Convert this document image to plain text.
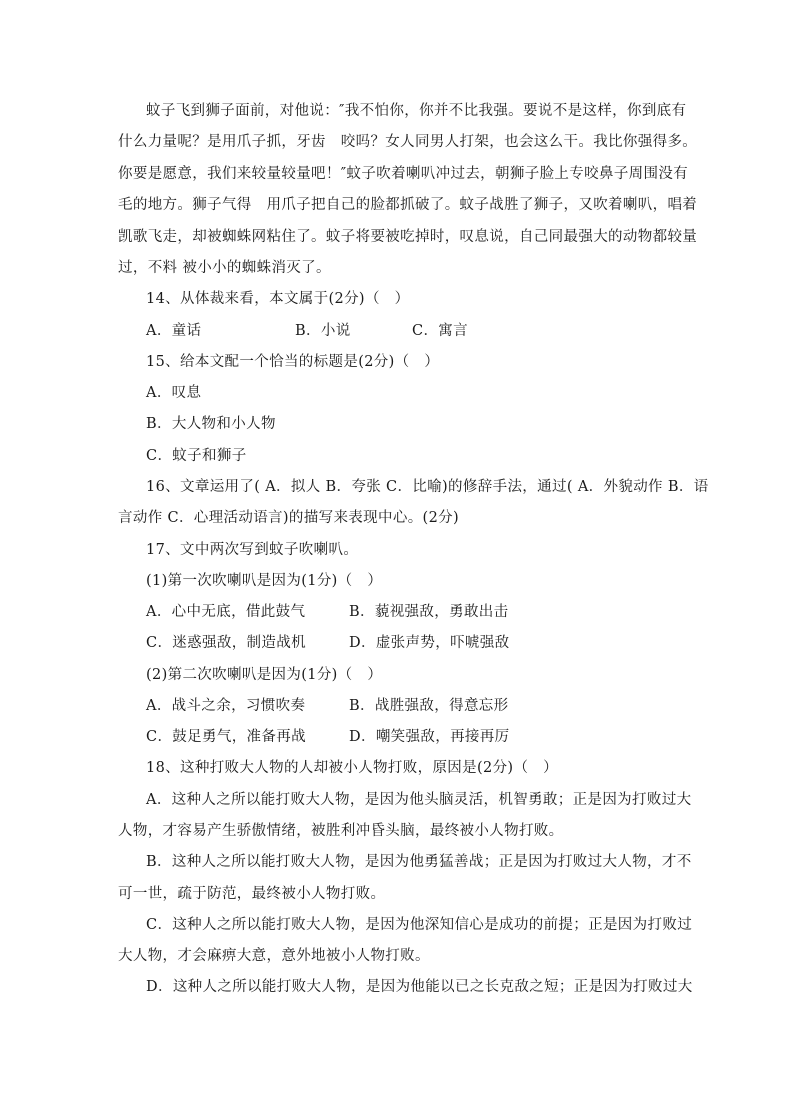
蚊子飞到狮子面前，对他说：″我不怕你，你并不比我强。要说不是这样，你到底有
什么力量呢？是用爪子抓，牙齿　咬吗？女人同男人打架，也会这么干。我比你强得多。
你要是愿意，我们来较量较量吧！″蚊子吹着喇叭冲过去，朝狮子脸上专咬鼻子周围没有
毛的地方。狮子气得　用爪子把自己的脸都抓破了。蚊子战胜了狮子，又吹着喇叭，唱着
凯歌飞走，却被蜘蛛网粘住了。蚊子将要被吃掉时，叹息说，自己同最强大的动物都较量
过，不料 被小小的蜘蛛消灭了。
14、从体裁来看，本文属于(2分)（　）
A．童话	B．小说	C．寓言
15、给本文配一个恰当的标题是(2分)（　）
A．叹息
B．大人物和小人物
C．蚊子和狮子
16、文章运用了( A．拟人 B．夸张 C．比喻)的修辞手法，通过( A．外貌动作 B．语
言动作 C．心理活动语言)的描写来表现中心。(2分)
17、文中两次写到蚊子吹喇叭。
(1)第一次吹喇叭是因为(1分)（　）
A．心中无底，借此鼓气	B．藐视强敌，勇敢出击
C．迷惑强敌，制造战机	D．虚张声势，吓唬强敌
(2)第二次吹喇叭是因为(1分)（　）
A．战斗之余，习惯吹奏	B．战胜强敌，得意忘形
C．鼓足勇气，准备再战	D．嘲笑强敌，再接再厉
18、这种打败大人物的人却被小人物打败，原因是(2分)（　）
A．这种人之所以能打败大人物，是因为他头脑灵活，机智勇敢；正是因为打败过大
人物，才容易产生骄傲情绪，被胜利冲昏头脑，最终被小人物打败。
B．这种人之所以能打败大人物，是因为他勇猛善战；正是因为打败过大人物，才不
可一世，疏于防范，最终被小人物打败。
C．这种人之所以能打败大人物，是因为他深知信心是成功的前提；正是因为打败过
大人物，才会麻痹大意，意外地被小人物打败。
D．这种人之所以能打败大人物，是因为他能以已之长克敌之短；正是因为打败过大
